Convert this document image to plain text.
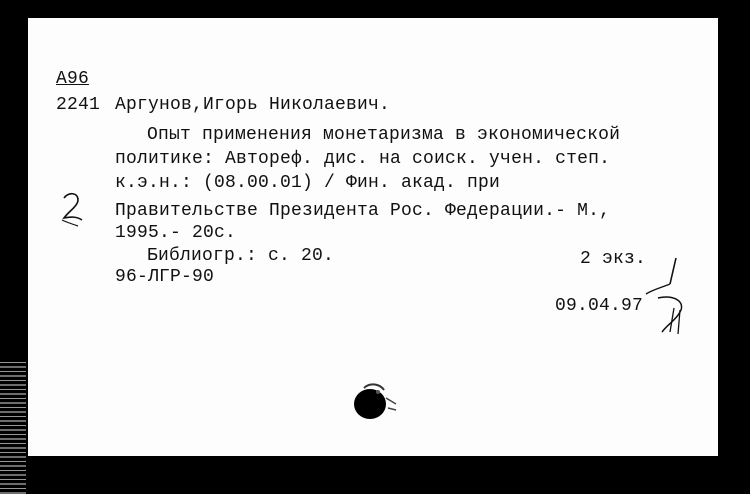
А96
2241 Аргунов,Игорь Николаевич.
Опыт применения монетаризма в экономической
политике: Автореф. дис. на соиск. учен. степ.
к.э.н.: (08.00.01) / Фин. акад. при
Правительстве Президента Рос. Федерации.- М.,
1995.- 20с.
Библиогр.: с. 20.	2 экз.
96-ЛГР-90
09.04.97
